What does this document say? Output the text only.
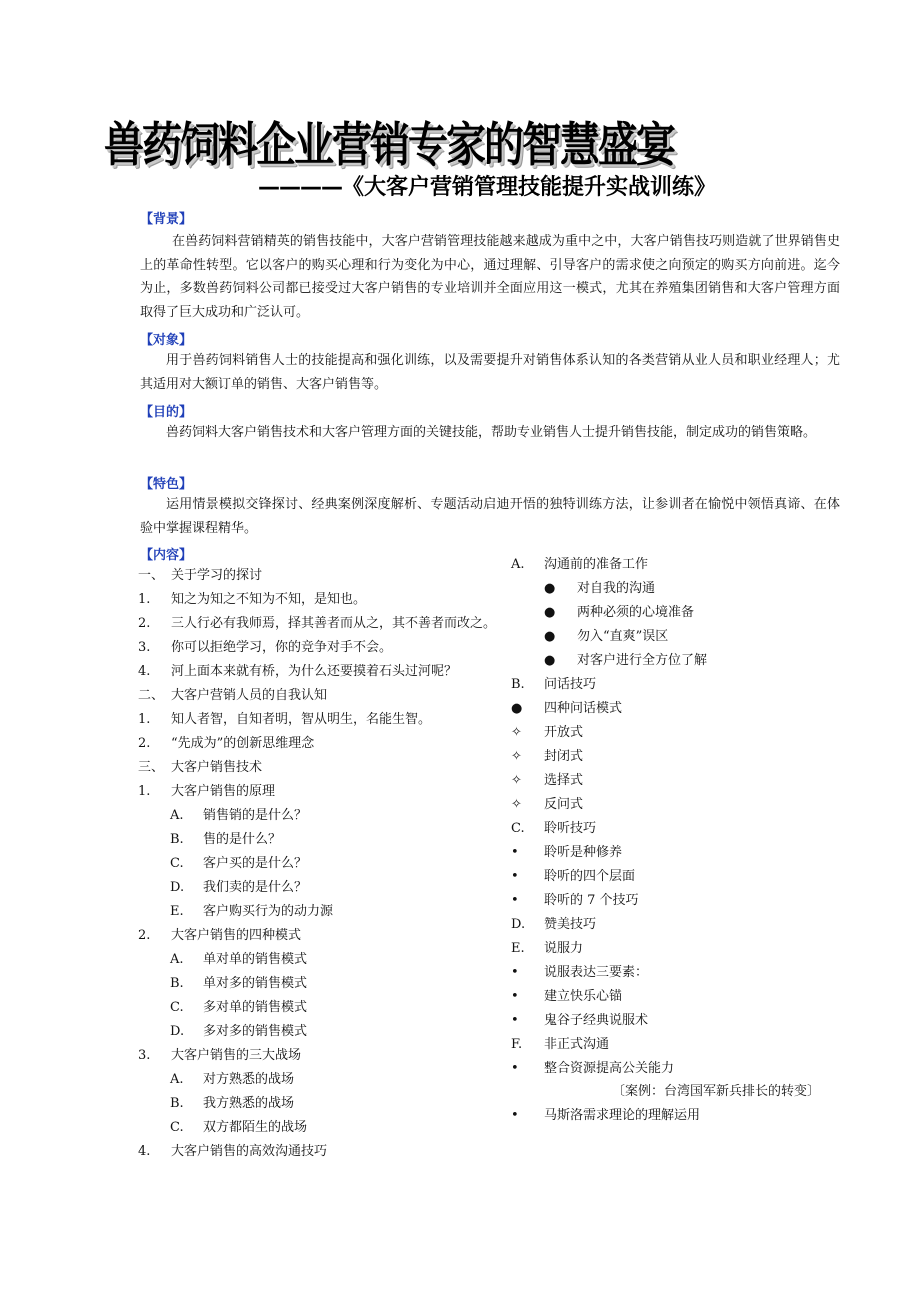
兽药饲料企业营销专家的智慧盛宴
————《大客户营销管理技能提升实战训练》
【背景】

在兽药饲料营销精英的销售技能中，大客户营销管理技能越来越成为重中之中，大客户销售技巧则造就了世界销售史上的革命性转型。它以客户的购买心理和行为变化为中心，通过理解、引导客户的需求使之向预定的购买方向前进。迄今为止，多数兽药饲料公司都已接受过大客户销售的专业培训并全面应用这一模式，尤其在养殖集团销售和大客户管理方面取得了巨大成功和广泛认可。

【对象】

用于兽药饲料销售人士的技能提高和强化训练，以及需要提升对销售体系认知的各类营销从业人员和职业经理人；尤其适用对大额订单的销售、大客户销售等。

【目的】

兽药饲料大客户销售技术和大客户管理方面的关键技能，帮助专业销售人士提升销售技能，制定成功的销售策略。

【特色】

运用情景模拟交锋探讨、经典案例深度解析、专题活动启迪开悟的独特训练方法，让参训者在愉悦中领悟真谛、在体验中掌握课程精华。

【内容】
一、 关于学习的探讨
1. 知之为知之不知为不知，是知也。
2. 三人行必有我师焉，择其善者而从之，其不善者而改之。
3. 你可以拒绝学习，你的竞争对手不会。
4. 河上面本来就有桥，为什么还要摸着石头过河呢？
二、 大客户营销人员的自我认知
1. 知人者智，自知者明，智从明生，名能生智。
2. “先成为”的创新思维理念
三、 大客户销售技术
1. 大客户销售的原理
A. 销售销的是什么？
B. 售的是什么？
C. 客户买的是什么？
D. 我们卖的是什么？
E. 客户购买行为的动力源
2. 大客户销售的四种模式
A. 单对单的销售模式
B. 单对多的销售模式
C. 多对单的销售模式
D. 多对多的销售模式
3. 大客户销售的三大战场
A. 对方熟悉的战场
B. 我方熟悉的战场
C. 双方都陌生的战场
4. 大客户销售的高效沟通技巧
A. 沟通前的准备工作
● 对自我的沟通
● 两种必须的心境准备
● 勿入“直爽”误区
● 对客户进行全方位了解
B. 问话技巧
● 四种问话模式
✧ 开放式
✧ 封闭式
✧ 选择式
✧ 反问式
C. 聆听技巧
• 聆听是种修养
• 聆听的四个层面
• 聆听的 7 个技巧
D. 赞美技巧
E. 说服力
• 说服表达三要素：
• 建立快乐心锚
• 鬼谷子经典说服术
F. 非正式沟通
• 整合资源提高公关能力
〔案例：台湾国军新兵排长的转变〕
• 马斯洛需求理论的理解运用
